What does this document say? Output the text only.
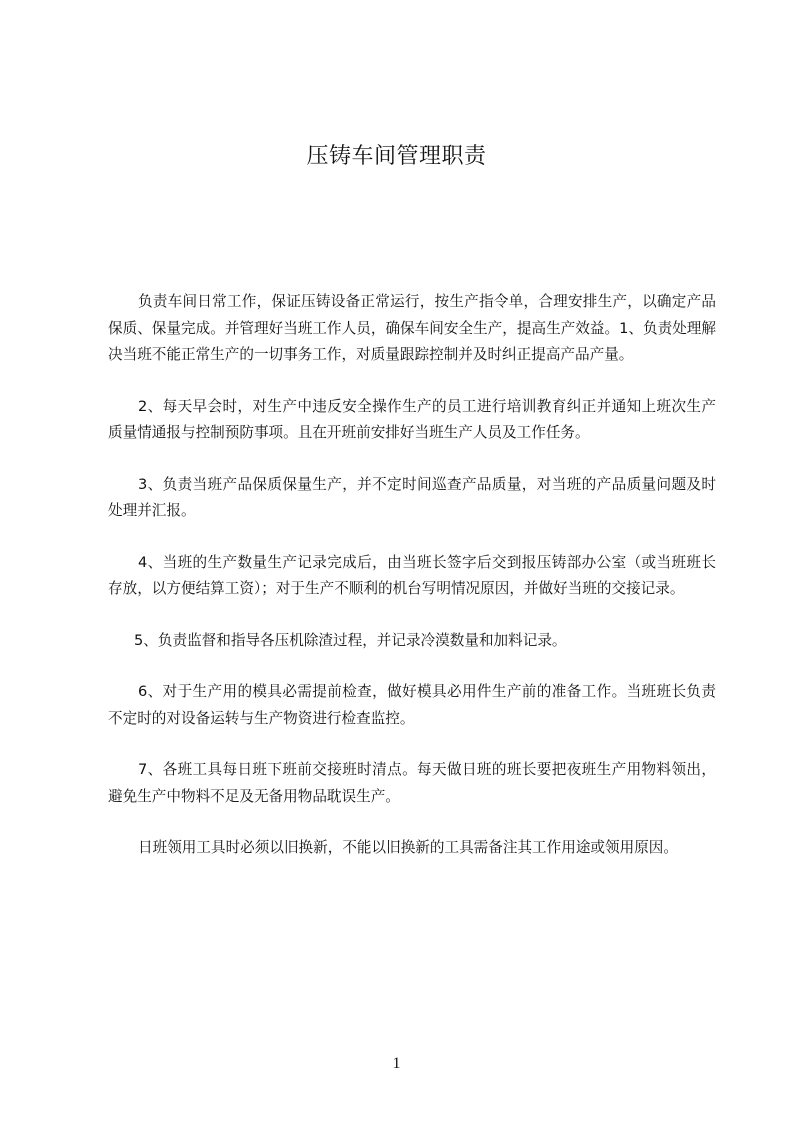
压铸车间管理职责

负责车间日常工作，保证压铸设备正常运行，按生产指令单，合理安排生产，以确定产品保质、保量完成。并管理好当班工作人员，确保车间安全生产，提高生产效益。1、负责处理解决当班不能正常生产的一切事务工作，对质量跟踪控制并及时纠正提高产品产量。

2、每天早会时，对生产中违反安全操作生产的员工进行培训教育纠正并通知上班次生产质量情通报与控制预防事项。且在开班前安排好当班生产人员及工作任务。

3、负责当班产品保质保量生产，并不定时间巡查产品质量，对当班的产品质量问题及时处理并汇报。

4、当班的生产数量生产记录完成后，由当班长签字后交到报压铸部办公室（或当班班长存放，以方便结算工资）；对于生产不顺利的机台写明情况原因，并做好当班的交接记录。

5、负责监督和指导各压机除渣过程，并记录冷漠数量和加料记录。

6、对于生产用的模具必需提前检查，做好模具必用件生产前的准备工作。当班班长负责不定时的对设备运转与生产物资进行检查监控。

7、各班工具每日班下班前交接班时清点。每天做日班的班长要把夜班生产用物料领出，避免生产中物料不足及无备用物品耽误生产。

日班领用工具时必须以旧换新，不能以旧换新的工具需备注其工作用途或领用原因。

1
